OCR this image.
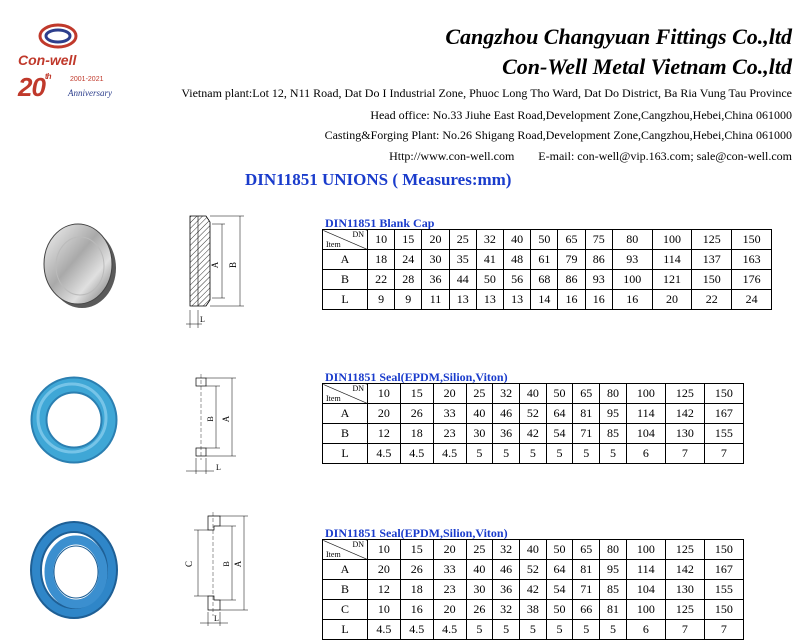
Con-well
20th	2001-2021
Anniversary
Cangzhou Changyuan Fittings Co.,ltd
Con-Well Metal Vietnam Co.,ltd
Vietnam plant:Lot 12, N11 Road, Dat Do I Industrial Zone, Phuoc Long Tho Ward, Dat Do District, Ba Ria Vung Tau Province
Head office: No.33 Jiuhe East Road,Development Zone,Cangzhou,Hebei,China 061000
Casting&Forging Plant: No.26 Shigang Road,Development Zone,Cangzhou,Hebei,China 061000
Http://www.con-well.com E-mail: con-well@vip.163.com; sale@con-well.com
DIN11851 UNIONS ( Measures:mm)
A B
L
DIN11851 Blank Cap
DN
Item	10	15	20	25	32	40	50	65	75	80	100	125	150
A	18	24	30	35	41	48	61	79	86	93	114	137	163
B	22	28	36	44	50	56	68	86	93	100	121	150	176
L	9	9	11	13	13	13	14	16	16	16	20	22	24
B A
L
DIN11851 Seal(EPDM,Silion,Viton)
DN
Item	10	15	20	25	32	40	50	65	80	100	125	150
A	20	26	33	40	46	52	64	81	95	114	142	167
B	12	18	23	30	36	42	54	71	85	104	130	155
L	4.5	4.5	4.5	5	5	5	5	5	5	6	7	7
C	B A
L
DIN11851 Seal(EPDM,Silion,Viton)
DN
Item	10	15	20	25	32	40	50	65	80	100	125	150
A	20	26	33	40	46	52	64	81	95	114	142	167
B	12	18	23	30	36	42	54	71	85	104	130	155
C	10	16	20	26	32	38	50	66	81	100	125	150
L	4.5	4.5	4.5	5	5	5	5	5	5	6	7	7
